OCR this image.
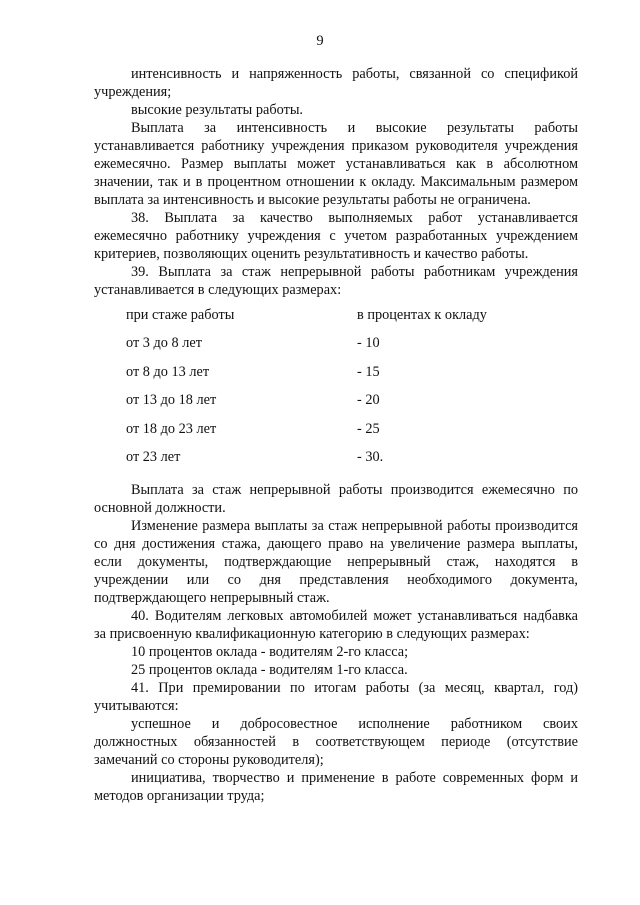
9

интенсивность и напряженность работы, связанной со спецификой учреждения;

высокие результаты работы.

Выплата за интенсивность и высокие результаты работы устанавливается работнику учреждения приказом руководителя учреждения ежемесячно. Размер выплаты может устанавливаться как в абсолютном значении, так и в процентном отношении к окладу. Максимальным размером выплата за интенсивность и высокие результаты работы не ограничена.

38. Выплата за качество выполняемых работ устанавливается ежемесячно работнику учреждения с учетом разработанных учреждением критериев, позволяющих оценить результативность и качество работы.

39. Выплата за стаж непрерывной работы работникам учреждения устанавливается в следующих размерах:

при стаже работы	в процентах к окладу
от 3 до 8 лет	- 10
от 8 до 13 лет	- 15
от 13 до 18 лет	- 20
от 18 до 23 лет	- 25
от 23 лет	- 30.

Выплата за стаж непрерывной работы производится ежемесячно по основной должности.

Изменение размера выплаты за стаж непрерывной работы производится со дня достижения стажа, дающего право на увеличение размера выплаты, если документы, подтверждающие непрерывный стаж, находятся в учреждении или со дня представления необходимого документа, подтверждающего непрерывный стаж.

40. Водителям легковых автомобилей может устанавливаться надбавка за присвоенную квалификационную категорию в следующих размерах:

10 процентов оклада - водителям 2-го класса;

25 процентов оклада - водителям 1-го класса.

41. При премировании по итогам работы (за месяц, квартал, год) учитываются:

успешное и добросовестное исполнение работником своих должностных обязанностей в соответствующем периоде (отсутствие замечаний со стороны руководителя);

инициатива, творчество и применение в работе современных форм и методов организации труда;
